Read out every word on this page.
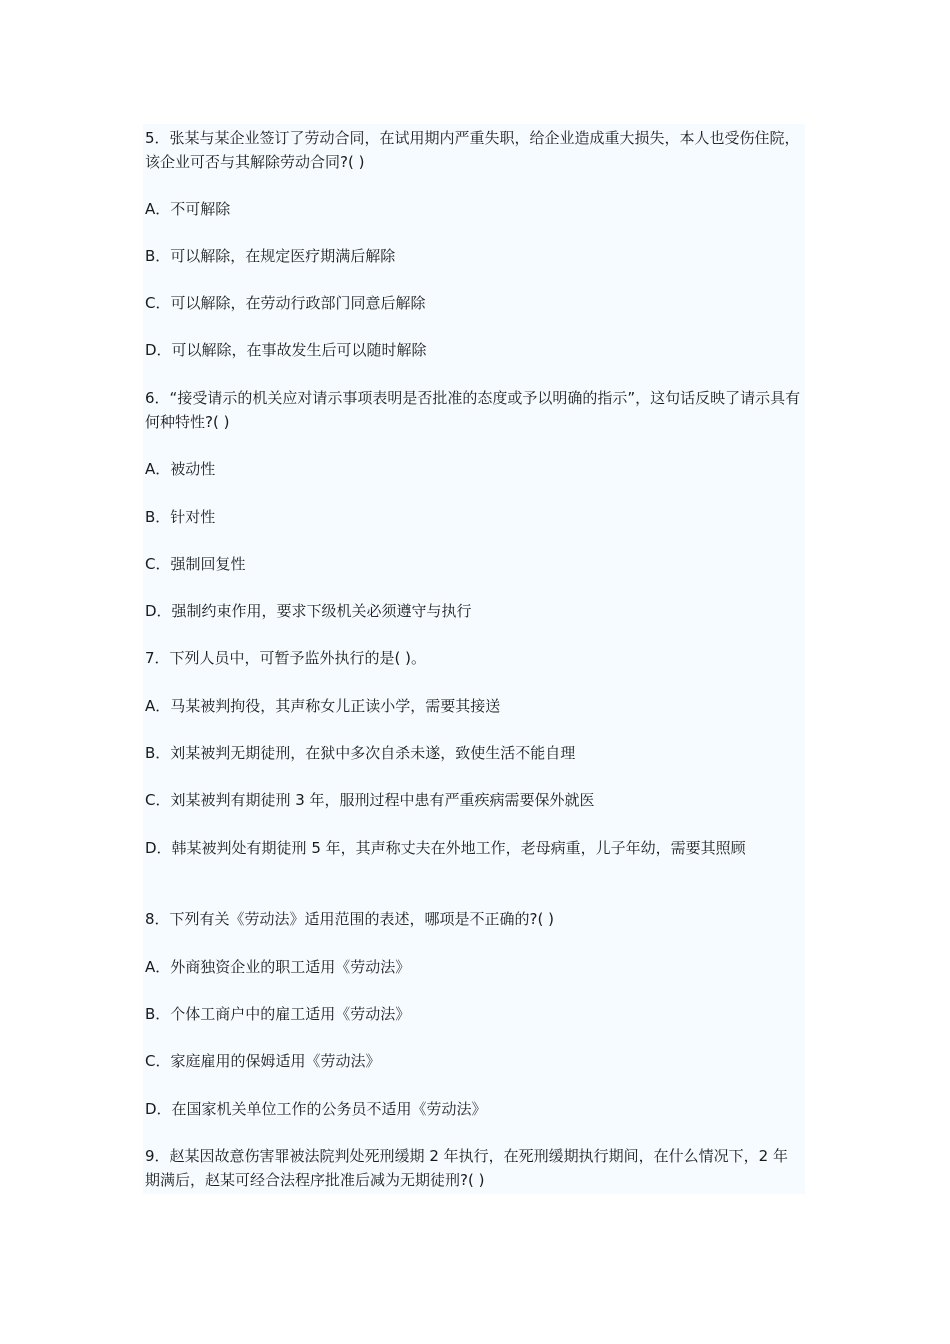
5．张某与某企业签订了劳动合同，在试用期内严重失职，给企业造成重大损失，本人也受伤住院，该企业可否与其解除劳动合同?( )

A．不可解除

B．可以解除，在规定医疗期满后解除

C．可以解除，在劳动行政部门同意后解除

D．可以解除，在事故发生后可以随时解除

6．“接受请示的机关应对请示事项表明是否批准的态度或予以明确的指示”，这句话反映了请示具有何种特性?( )

A．被动性

B．针对性

C．强制回复性

D．强制约束作用，要求下级机关必须遵守与执行

7．下列人员中，可暂予监外执行的是( )。

A．马某被判拘役，其声称女儿正读小学，需要其接送

B．刘某被判无期徒刑，在狱中多次自杀未遂，致使生活不能自理

C．刘某被判有期徒刑 3 年，服刑过程中患有严重疾病需要保外就医

D．韩某被判处有期徒刑 5 年，其声称丈夫在外地工作，老母病重，儿子年幼，需要其照顾

8．下列有关《劳动法》适用范围的表述，哪项是不正确的?( )

A．外商独资企业的职工适用《劳动法》

B．个体工商户中的雇工适用《劳动法》

C．家庭雇用的保姆适用《劳动法》

D．在国家机关单位工作的公务员不适用《劳动法》

9．赵某因故意伤害罪被法院判处死刑缓期 2 年执行，在死刑缓期执行期间，在什么情况下，2 年期满后，赵某可经合法程序批准后减为无期徒刑?( )
